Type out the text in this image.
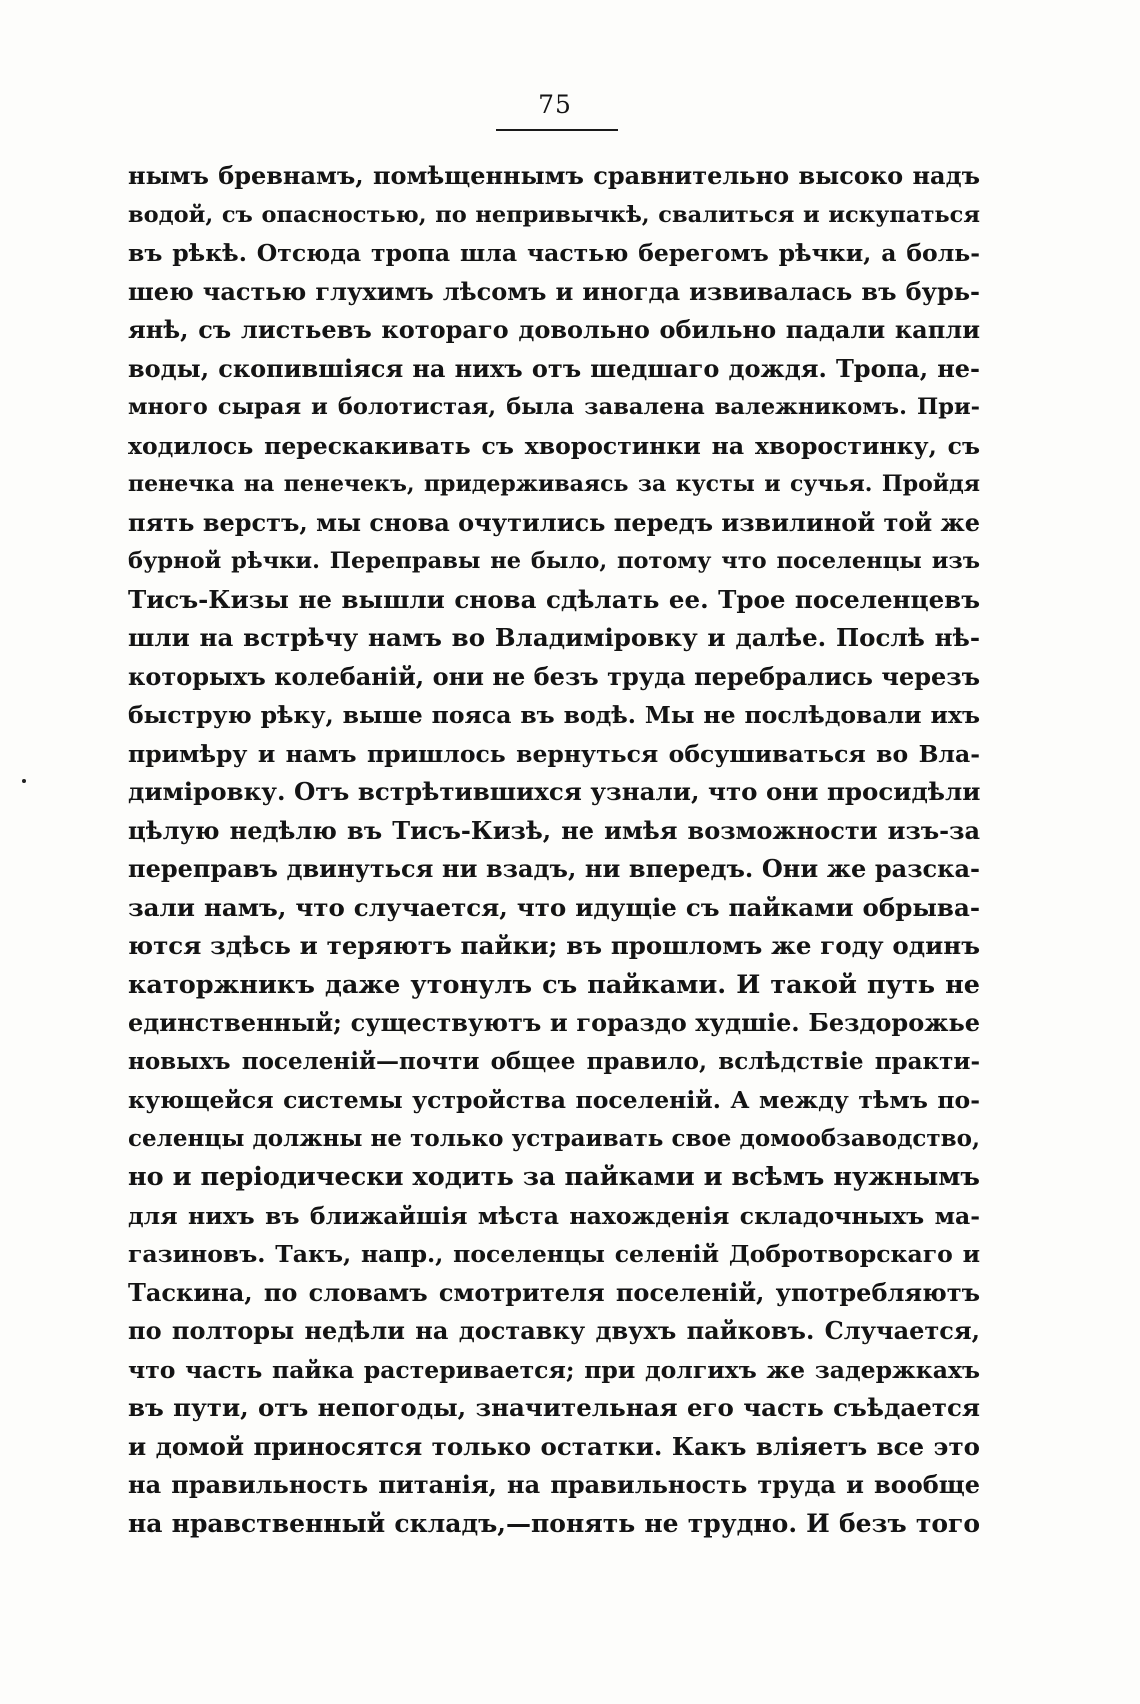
75
нымъ бревнамъ, помѣщеннымъ сравнительно высоко надъ
водой, съ опасностью, по непривычкѣ, свалиться и искупаться
въ рѣкѣ. Отсюда тропа шла частью берегомъ рѣчки, а боль-
шею частью глухимъ лѣсомъ и иногда извивалась въ бурь-
янѣ, съ листьевъ котораго довольно обильно падали капли
воды, скопившіяся на нихъ отъ шедшаго дождя. Тропа, не-
много сырая и болотистая, была завалена валежникомъ. При-
ходилось перескакивать съ хворостинки на хворостинку, съ
пенечка на пенечекъ, придерживаясь за кусты и сучья. Пройдя
пять верстъ, мы снова очутились передъ извилиной той же
бурной рѣчки. Переправы не было, потому что поселенцы изъ
Тисъ-Кизы не вышли снова сдѣлать ее. Трое поселенцевъ
шли на встрѣчу намъ во Владиміровку и далѣе. Послѣ нѣ-
которыхъ колебаній, они не безъ труда перебрались черезъ
быструю рѣку, выше пояса въ водѣ. Мы не послѣдовали ихъ
примѣру и намъ пришлось вернуться обсушиваться во Вла-
диміровку. Отъ встрѣтившихся узнали, что они просидѣли
цѣлую недѣлю въ Тисъ-Кизѣ, не имѣя возможности изъ-за
переправъ двинуться ни взадъ, ни впередъ. Они же разска-
зали намъ, что случается, что идущіе съ пайками обрыва-
ются здѣсь и теряютъ пайки; въ прошломъ же году одинъ
каторжникъ даже утонулъ съ пайками. И такой путь не
единственный; существуютъ и гораздо худшіе. Бездорожье
новыхъ поселеній—почти общее правило, вслѣдствіе практи-
кующейся системы устройства поселеній. А между тѣмъ по-
селенцы должны не только устраивать свое домообзаводство,
но и періодически ходить за пайками и всѣмъ нужнымъ
для нихъ въ ближайшія мѣста нахожденія складочныхъ ма-
газиновъ. Такъ, напр., поселенцы селеній Добротворскаго и
Таскина, по словамъ смотрителя поселеній, употребляютъ
по полторы недѣли на доставку двухъ пайковъ. Случается,
что часть пайка растеривается; при долгихъ же задержкахъ
въ пути, отъ непогоды, значительная его часть съѣдается
и домой приносятся только остатки. Какъ вліяетъ все это
на правильность питанія, на правильность труда и вообще
на нравственный складъ,—понять не трудно. И безъ того
